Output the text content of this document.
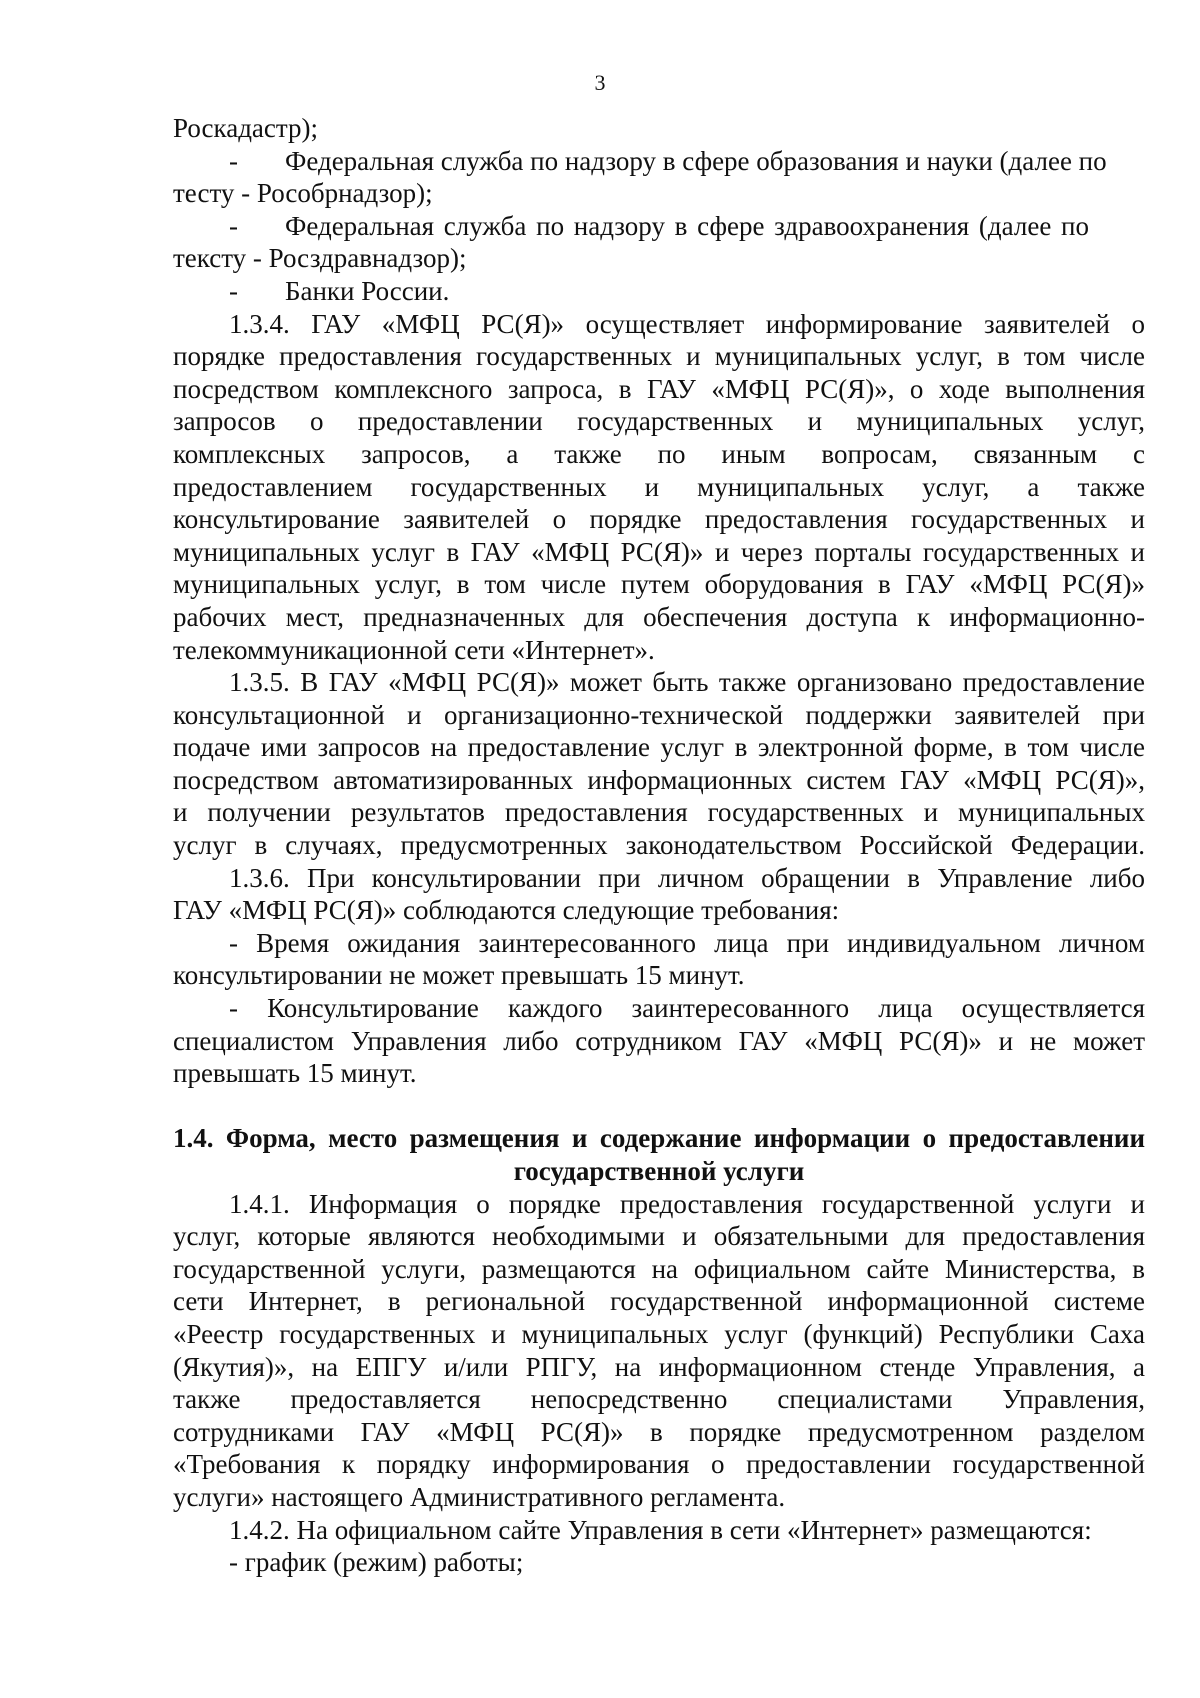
3
Роскадастр);
- Федеральная служба по надзору в сфере образования и науки (далее по
тесту - Рособрнадзор);
- Федеральная служба по надзору в сфере здравоохранения (далее по
тексту - Росздравнадзор);
- Банки России.
1.3.4. ГАУ «МФЦ РС(Я)» осуществляет информирование заявителей о
порядке предоставления государственных и муниципальных услуг, в том числе
посредством комплексного запроса, в ГАУ «МФЦ РС(Я)», о ходе выполнения
запросов о предоставлении государственных и муниципальных услуг,
комплексных запросов, а также по иным вопросам, связанным с
предоставлением государственных и муниципальных услуг, а также
консультирование заявителей о порядке предоставления государственных и
муниципальных услуг в ГАУ «МФЦ РС(Я)» и через порталы государственных и
муниципальных услуг, в том числе путем оборудования в ГАУ «МФЦ РС(Я)»
рабочих мест, предназначенных для обеспечения доступа к информационно-
телекоммуникационной сети «Интернет».
1.3.5. В ГАУ «МФЦ РС(Я)» может быть также организовано предоставление
консультационной и организационно-технической поддержки заявителей при
подаче ими запросов на предоставление услуг в электронной форме, в том числе
посредством автоматизированных информационных систем ГАУ «МФЦ РС(Я)»,
и получении результатов предоставления государственных и муниципальных
услуг в случаях, предусмотренных законодательством Российской Федерации.
1.3.6. При консультировании при личном обращении в Управление либо
ГАУ «МФЦ РС(Я)» соблюдаются следующие требования:
- Время ожидания заинтересованного лица при индивидуальном личном
консультировании не может превышать 15 минут.
- Консультирование каждого заинтересованного лица осуществляется
специалистом Управления либо сотрудником ГАУ «МФЦ РС(Я)» и не может
превышать 15 минут.
1.4. Форма, место размещения и содержание информации о предоставлении
государственной услуги
1.4.1. Информация о порядке предоставления государственной услуги и
услуг, которые являются необходимыми и обязательными для предоставления
государственной услуги, размещаются на официальном сайте Министерства, в
сети Интернет, в региональной государственной информационной системе
«Реестр государственных и муниципальных услуг (функций) Республики Саха
(Якутия)», на ЕПГУ и/или РПГУ, на информационном стенде Управления, а
также предоставляется непосредственно специалистами Управления,
сотрудниками ГАУ «МФЦ РС(Я)» в порядке предусмотренном разделом
«Требования к порядку информирования о предоставлении государственной
услуги» настоящего Административного регламента.
1.4.2. На официальном сайте Управления в сети «Интернет» размещаются:
- график (режим) работы;
